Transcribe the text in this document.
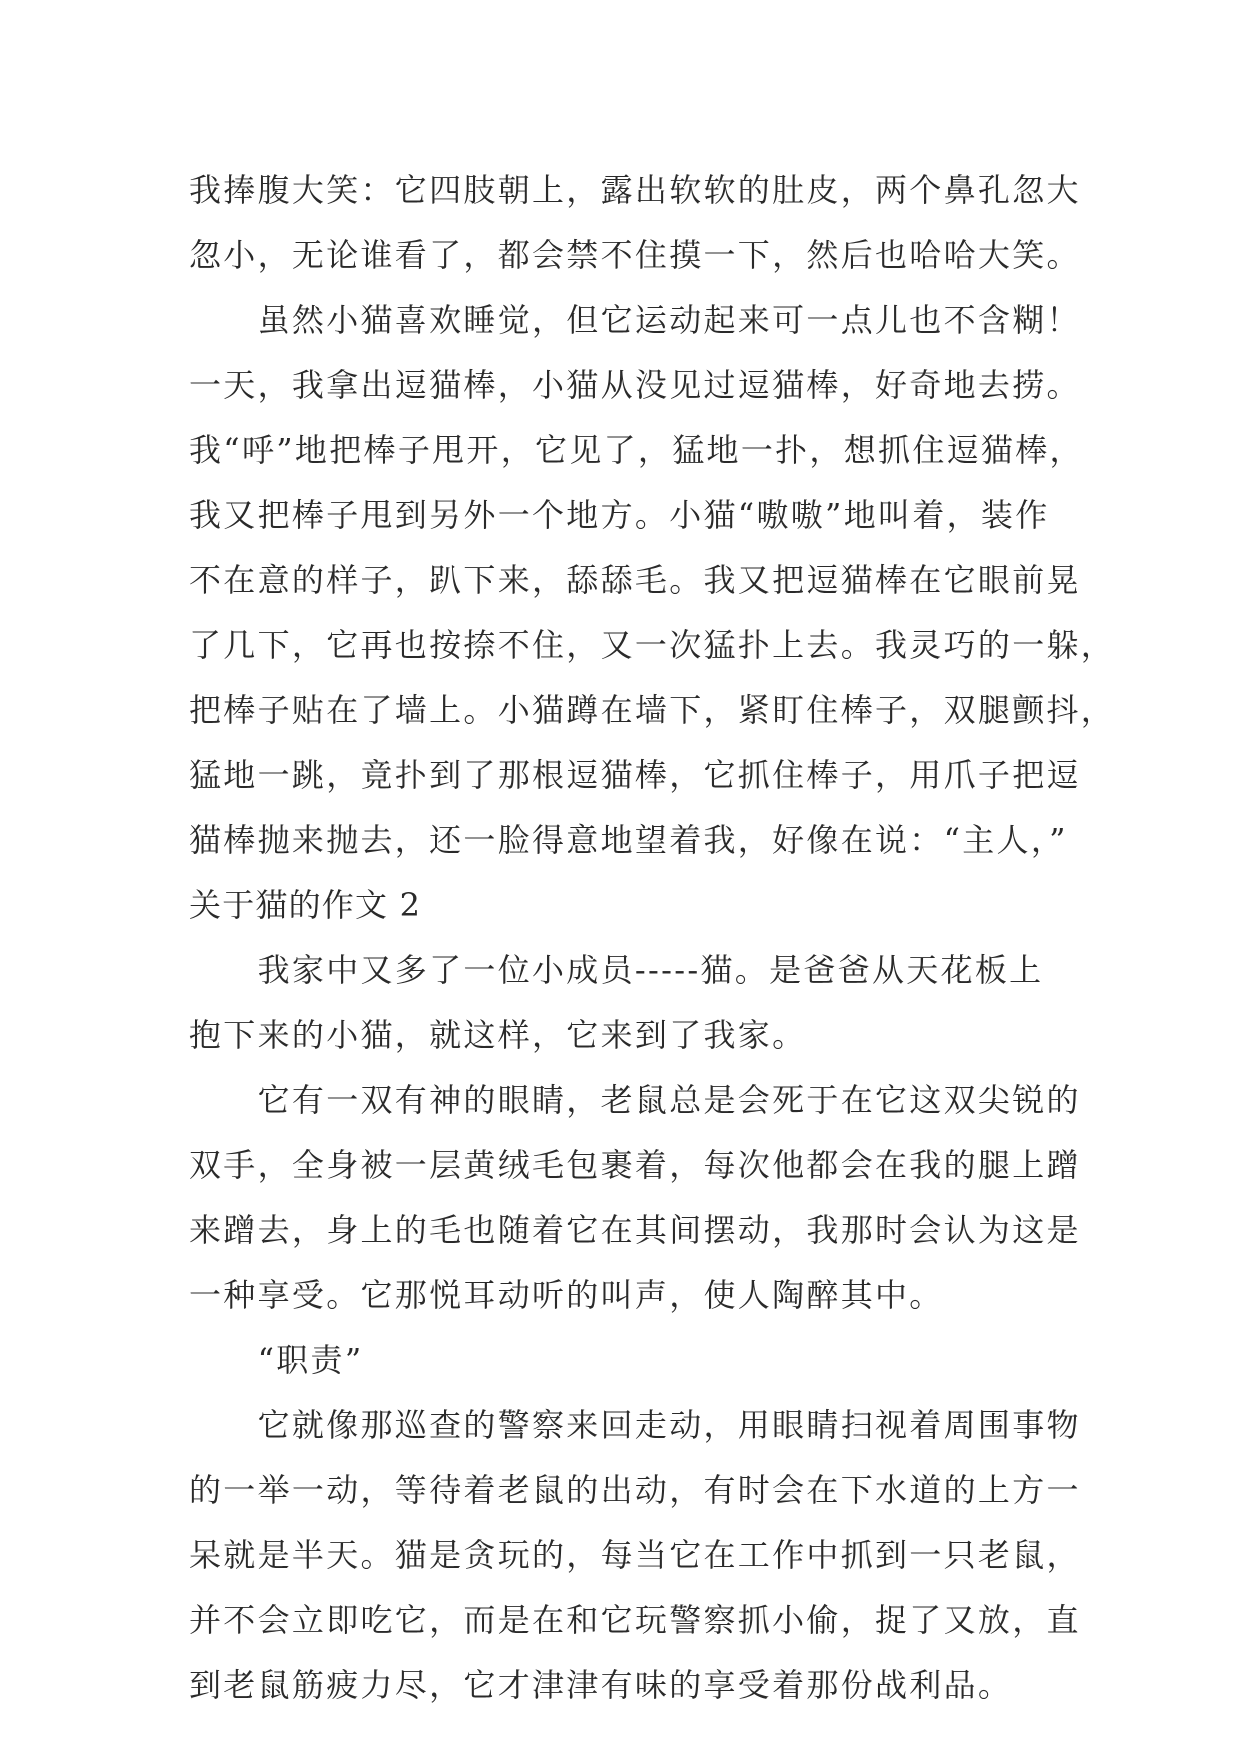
我捧腹大笑：它四肢朝上，露出软软的肚皮，两个鼻孔忽大
忽小，无论谁看了，都会禁不住摸一下，然后也哈哈大笑。
　　虽然小猫喜欢睡觉，但它运动起来可一点儿也不含糊！
一天，我拿出逗猫棒，小猫从没见过逗猫棒，好奇地去捞。
我“呼”地把棒子甩开，它见了，猛地一扑，想抓住逗猫棒，
我又把棒子甩到另外一个地方。小猫“嗷嗷”地叫着，装作
不在意的样子，趴下来，舔舔毛。我又把逗猫棒在它眼前晃
了几下，它再也按捺不住，又一次猛扑上去。我灵巧的一躲，
把棒子贴在了墙上。小猫蹲在墙下，紧盯住棒子，双腿颤抖，
猛地一跳，竟扑到了那根逗猫棒，它抓住棒子，用爪子把逗
猫棒抛来抛去，还一脸得意地望着我，好像在说：“主人，”
关于猫的作文 2
　　我家中又多了一位小成员-----猫。是爸爸从天花板上
抱下来的小猫，就这样，它来到了我家。
　　它有一双有神的眼睛，老鼠总是会死于在它这双尖锐的
双手，全身被一层黄绒毛包裹着，每次他都会在我的腿上蹭
来蹭去，身上的毛也随着它在其间摆动，我那时会认为这是
一种享受。它那悦耳动听的叫声，使人陶醉其中。
　　“职责”
　　它就像那巡查的警察来回走动，用眼睛扫视着周围事物
的一举一动，等待着老鼠的出动，有时会在下水道的上方一
呆就是半天。猫是贪玩的，每当它在工作中抓到一只老鼠，
并不会立即吃它，而是在和它玩警察抓小偷，捉了又放，直
到老鼠筋疲力尽，它才津津有味的享受着那份战利品。
